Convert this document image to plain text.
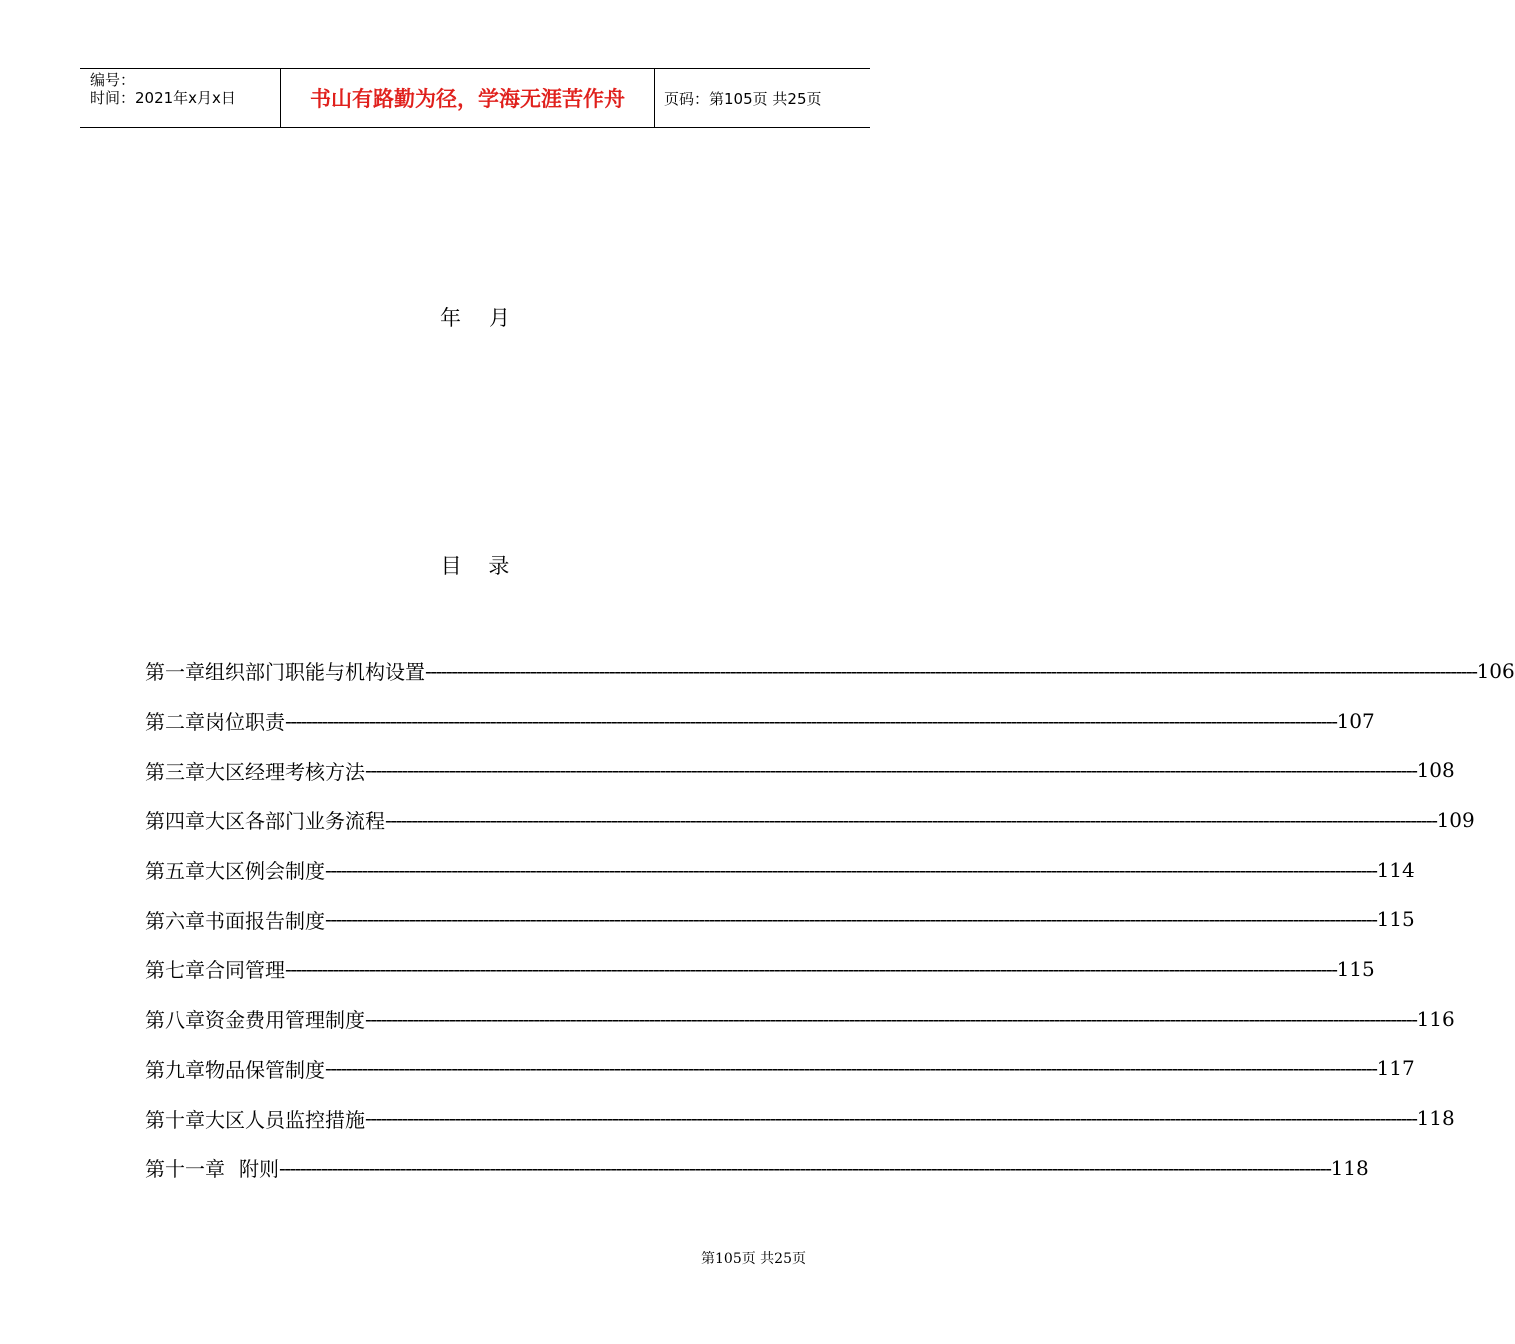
编号：
时间：2021年x月x日	书山有路勤为径，学海无涯苦作舟	页码：第105页 共25页
年 月
目    录
第一章 组织部门职能与机构设置 -------------------------------------------------------------------------------------------------------------------------------------------------------------------------------------------------------- 106
第二章 岗位职责 -------------------------------------------------------------------------------------------------------------------------------------------------------------------------------------------------------- 107
第三章 大区经理考核方法 -------------------------------------------------------------------------------------------------------------------------------------------------------------------------------------------------------- 108
第四章 大区各部门业务流程 -------------------------------------------------------------------------------------------------------------------------------------------------------------------------------------------------------- 109
第五章 大区例会制度 -------------------------------------------------------------------------------------------------------------------------------------------------------------------------------------------------------- 114
第六章 书面报告制度 -------------------------------------------------------------------------------------------------------------------------------------------------------------------------------------------------------- 115
第七章 合同管理 -------------------------------------------------------------------------------------------------------------------------------------------------------------------------------------------------------- 115
第八章 资金费用管理制度 -------------------------------------------------------------------------------------------------------------------------------------------------------------------------------------------------------- 116
第九章 物品保管制度 -------------------------------------------------------------------------------------------------------------------------------------------------------------------------------------------------------- 117
第十章 大区人员监控措施 -------------------------------------------------------------------------------------------------------------------------------------------------------------------------------------------------------- 118
第十一章 附则 -------------------------------------------------------------------------------------------------------------------------------------------------------------------------------------------------------- 118
第105页 共25页
